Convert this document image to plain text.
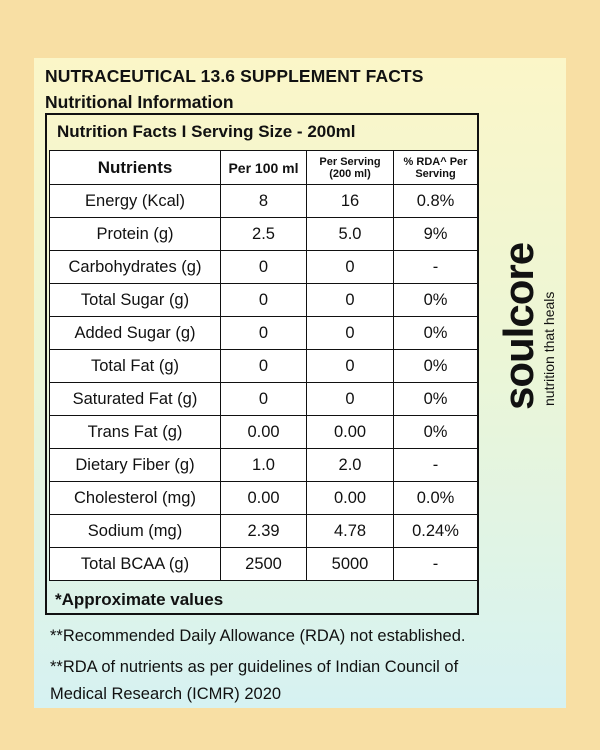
NUTRACEUTICAL 13.6 SUPPLEMENT FACTS
Nutritional Information
Nutrition Facts I Serving Size - 200ml
Nutrients	Per 100 ml	Per Serving (200 ml)	% RDA^ Per Serving
Energy (Kcal)	8	16	0.8%
Protein (g)	2.5	5.0	9%
Carbohydrates (g)	0	0	-
Total Sugar (g)	0	0	0%
Added Sugar (g)	0	0	0%
Total Fat (g)	0	0	0%
Saturated Fat (g)	0	0	0%
Trans Fat (g)	0.00	0.00	0%
Dietary Fiber (g)	1.0	2.0	-
Cholesterol (mg)	0.00	0.00	0.0%
Sodium (mg)	2.39	4.78	0.24%
Total BCAA (g)	2500	5000	-
*Approximate values
**Recommended Daily Allowance (RDA) not established.
**RDA of nutrients as per guidelines of Indian Council of
Medical Research (ICMR) 2020
soulcore nutrition that heals
